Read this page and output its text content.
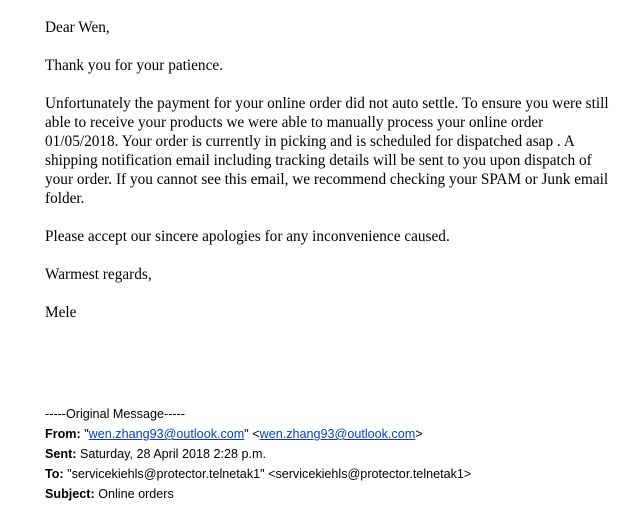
Dear Wen,

Thank you for your patience.

Unfortunately the payment for your online order did not auto settle. To ensure you were still able to receive your products we were able to manually process your online order 01/05/2018. Your order is currently in picking and is scheduled for dispatched asap . A shipping notification email including tracking details will be sent to you upon dispatch of your order. If you cannot see this email, we recommend checking your SPAM or Junk email folder.

Please accept our sincere apologies for any inconvenience caused.

Warmest regards,

Mele

-----Original Message-----
From: "wen.zhang93@outlook.com" <wen.zhang93@outlook.com>
Sent: Saturday, 28 April 2018 2:28 p.m.
To: "servicekiehls@protector.telnetak1" <servicekiehls@protector.telnetak1>
Subject: Online orders
